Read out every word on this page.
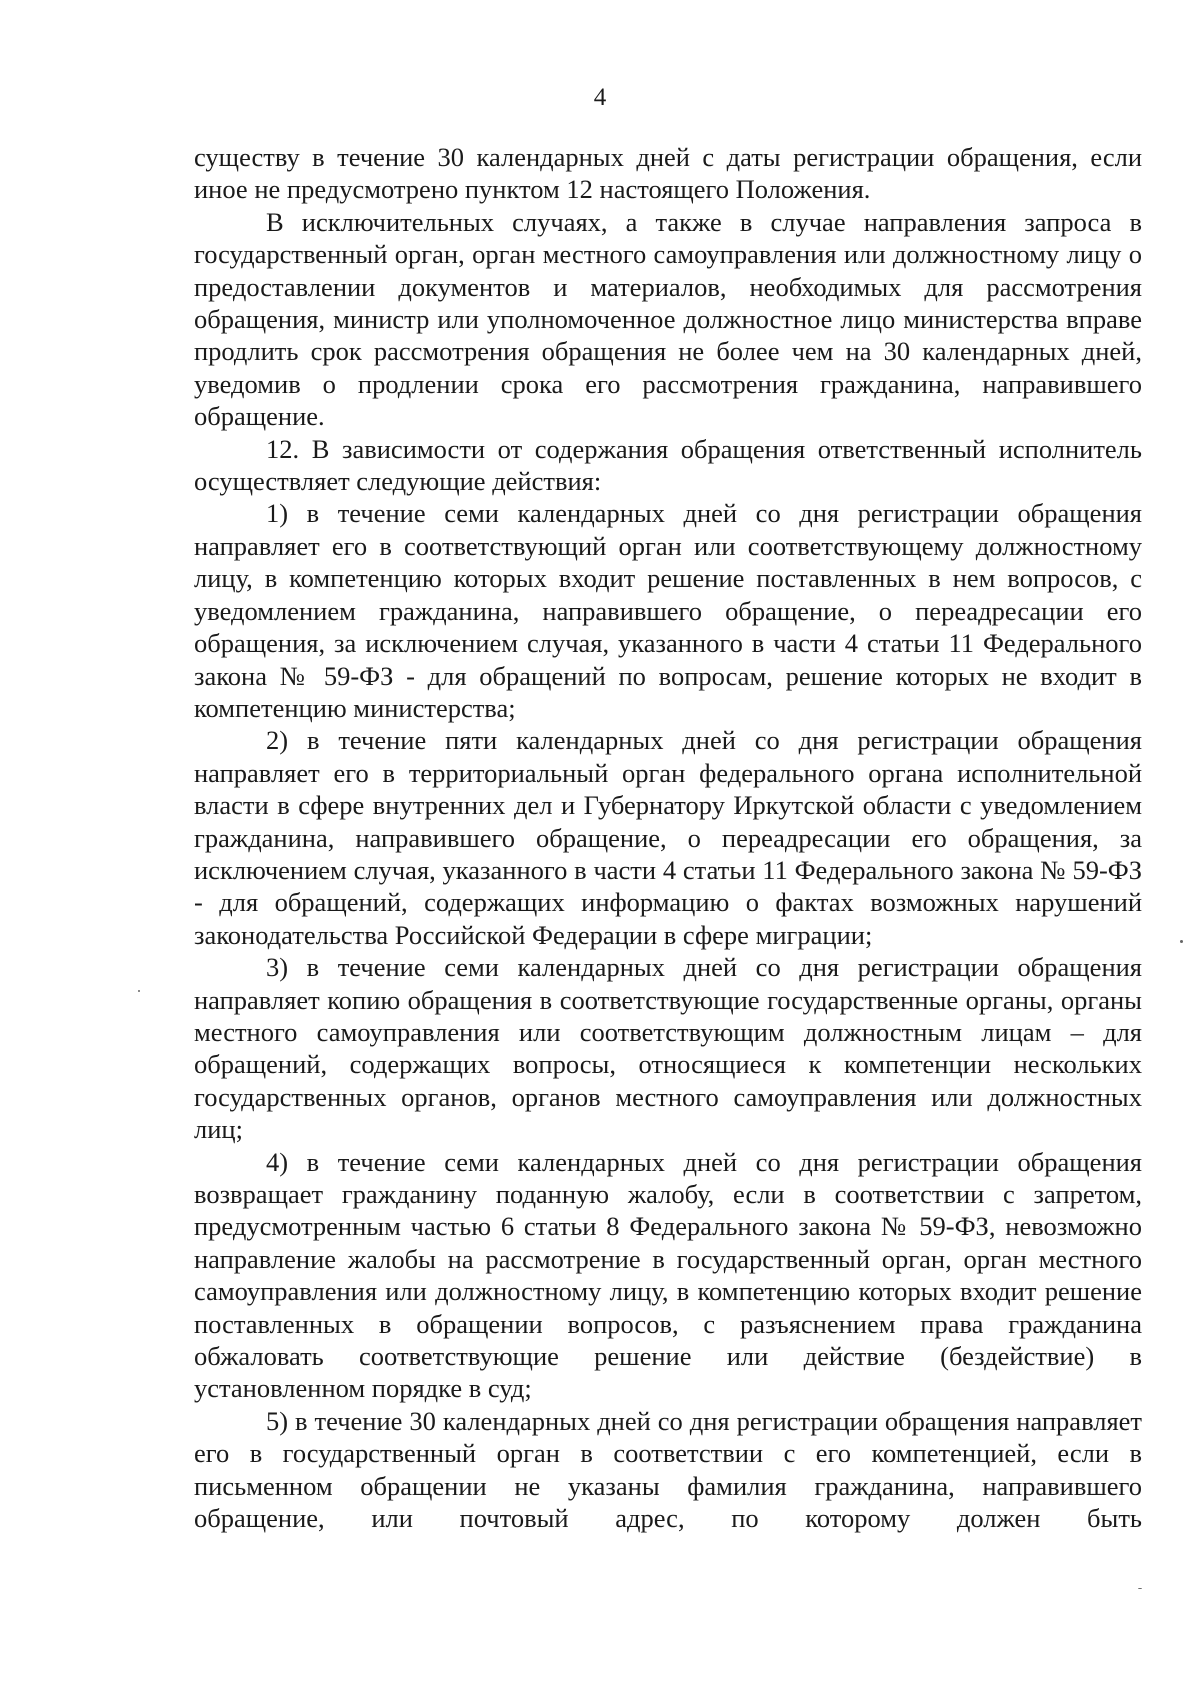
4

существу в течение 30 календарных дней с даты регистрации обращения, если иное не предусмотрено пунктом 12 настоящего Положения.

В исключительных случаях, а также в случае направления запроса в государственный орган, орган местного самоуправления или должностному лицу о предоставлении документов и материалов, необходимых для рассмотрения обращения, министр или уполномоченное должностное лицо министерства вправе продлить срок рассмотрения обращения не более чем на 30 календарных дней, уведомив о продлении срока его рассмотрения гражданина, направившего обращение.

12. В зависимости от содержания обращения ответственный исполнитель осуществляет следующие действия:

1) в течение семи календарных дней со дня регистрации обращения направляет его в соответствующий орган или соответствующему должностному лицу, в компетенцию которых входит решение поставленных в нем вопросов, с уведомлением гражданина, направившего обращение, о переадресации его обращения, за исключением случая, указанного в части 4 статьи 11 Федерального закона № 59-ФЗ - для обращений по вопросам, решение которых не входит в компетенцию министерства;

2) в течение пяти календарных дней со дня регистрации обращения направляет его в территориальный орган федерального органа исполнительной власти в сфере внутренних дел и Губернатору Иркутской области с уведомлением гражданина, направившего обращение, о переадресации его обращения, за исключением случая, указанного в части 4 статьи 11 Федерального закона № 59-ФЗ - для обращений, содержащих информацию о фактах возможных нарушений законодательства Российской Федерации в сфере миграции;

3) в течение семи календарных дней со дня регистрации обращения направляет копию обращения в соответствующие государственные органы, органы местного самоуправления или соответствующим должностным лицам – для обращений, содержащих вопросы, относящиеся к компетенции нескольких государственных органов, органов местного самоуправления или должностных лиц;

4) в течение семи календарных дней со дня регистрации обращения возвращает гражданину поданную жалобу, если в соответствии с запретом, предусмотренным частью 6 статьи 8 Федерального закона № 59-ФЗ, невозможно направление жалобы на рассмотрение в государственный орган, орган местного самоуправления или должностному лицу, в компетенцию которых входит решение поставленных в обращении вопросов, с разъяснением права гражданина обжаловать соответствующие решение или действие (бездействие) в установленном порядке в суд;

5) в течение 30 календарных дней со дня регистрации обращения направляет его в государственный орган в соответствии с его компетенцией, если в письменном обращении не указаны фамилия гражданина, направившего обращение, или почтовый адрес, по которому должен быть
